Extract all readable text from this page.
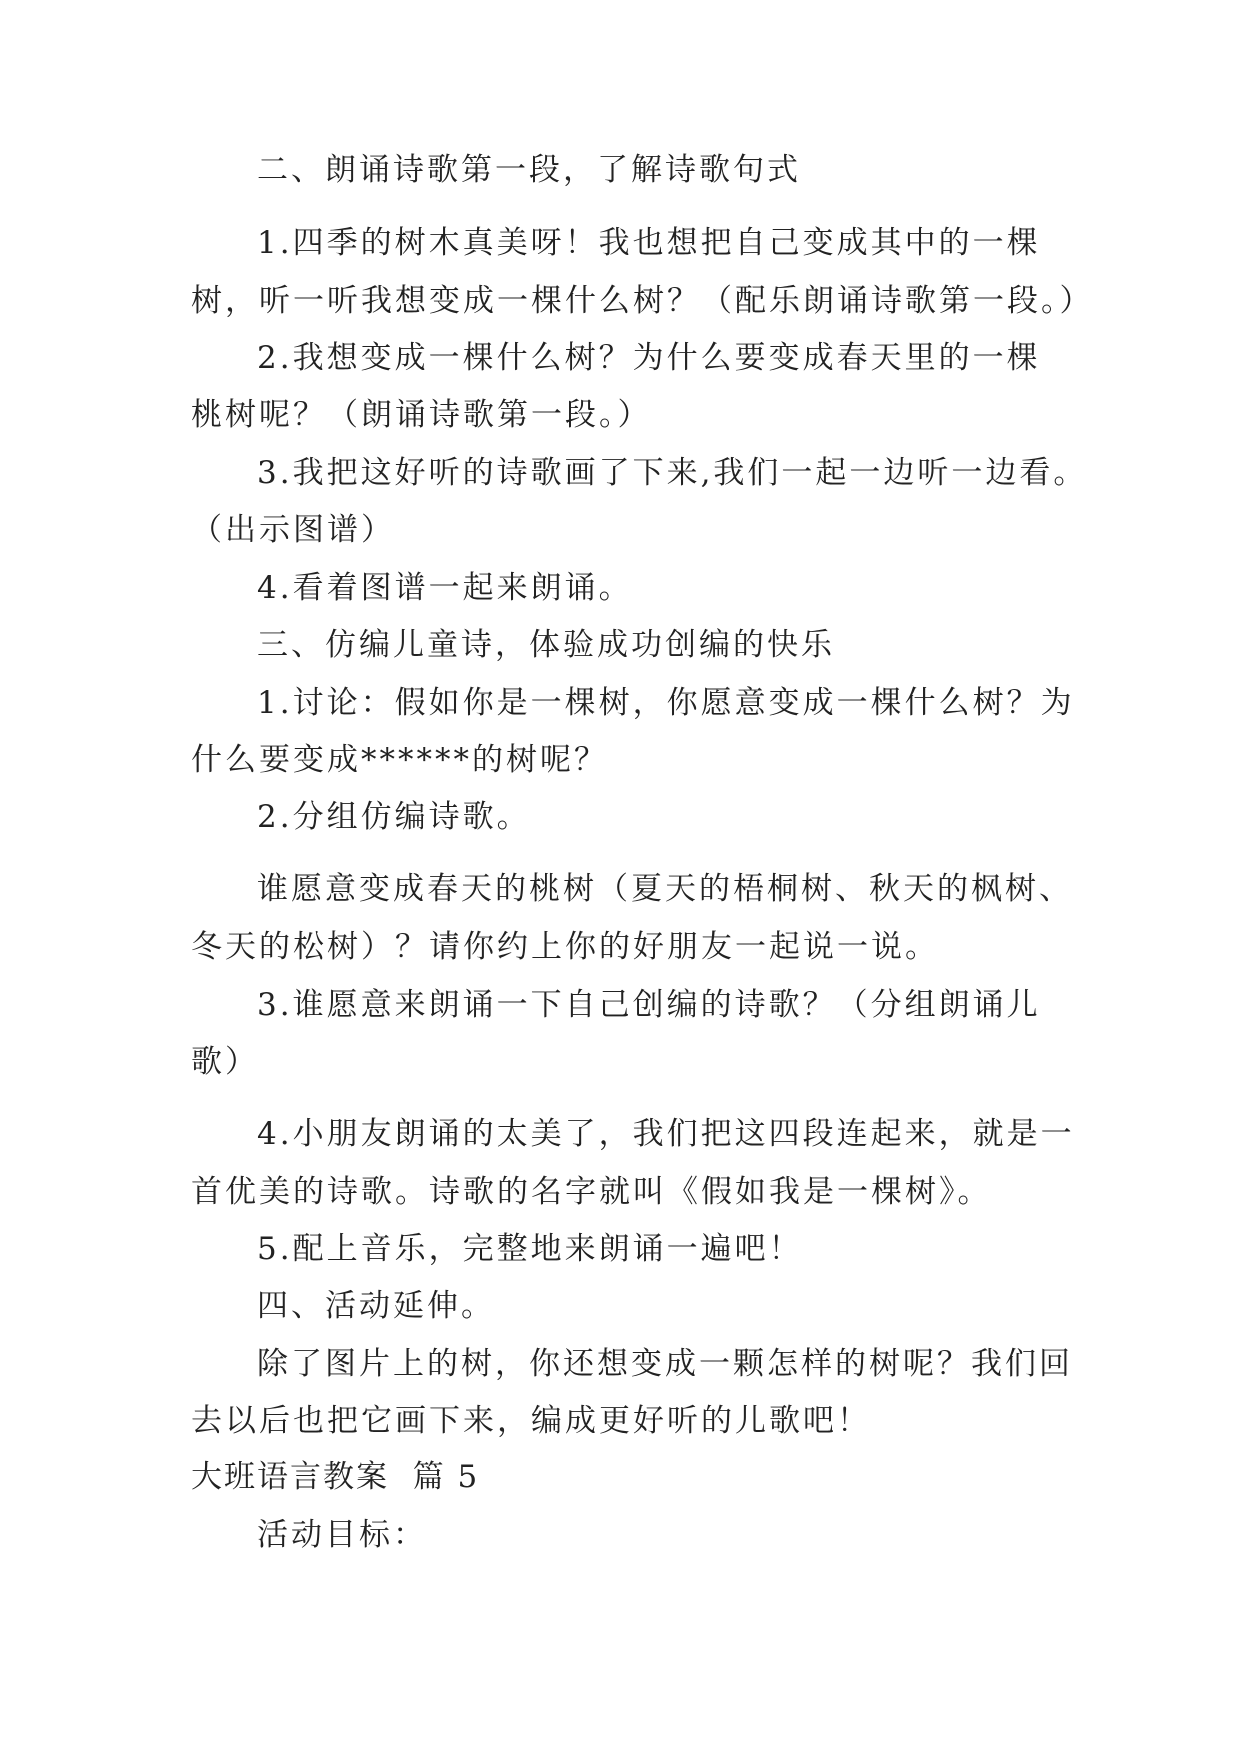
二、朗诵诗歌第一段，了解诗歌句式
1.四季的树木真美呀！我也想把自己变成其中的一棵
树，听一听我想变成一棵什么树？（配乐朗诵诗歌第一段。）
2.我想变成一棵什么树？为什么要变成春天里的一棵
桃树呢？（朗诵诗歌第一段。）
3.我把这好听的诗歌画了下来,我们一起一边听一边看。
（出示图谱）
4.看着图谱一起来朗诵。
三、仿编儿童诗，体验成功创编的快乐
1.讨论：假如你是一棵树，你愿意变成一棵什么树？为
什么要变成******的树呢？
2.分组仿编诗歌。
谁愿意变成春天的桃树（夏天的梧桐树、秋天的枫树、
冬天的松树）？请你约上你的好朋友一起说一说。
3.谁愿意来朗诵一下自己创编的诗歌？（分组朗诵儿
歌）
4.小朋友朗诵的太美了，我们把这四段连起来，就是一
首优美的诗歌。诗歌的名字就叫《假如我是一棵树》。
5.配上音乐，完整地来朗诵一遍吧！
四、活动延伸。
除了图片上的树，你还想变成一颗怎样的树呢？我们回
去以后也把它画下来，编成更好听的儿歌吧！
大班语言教案  篇 5
活动目标：
